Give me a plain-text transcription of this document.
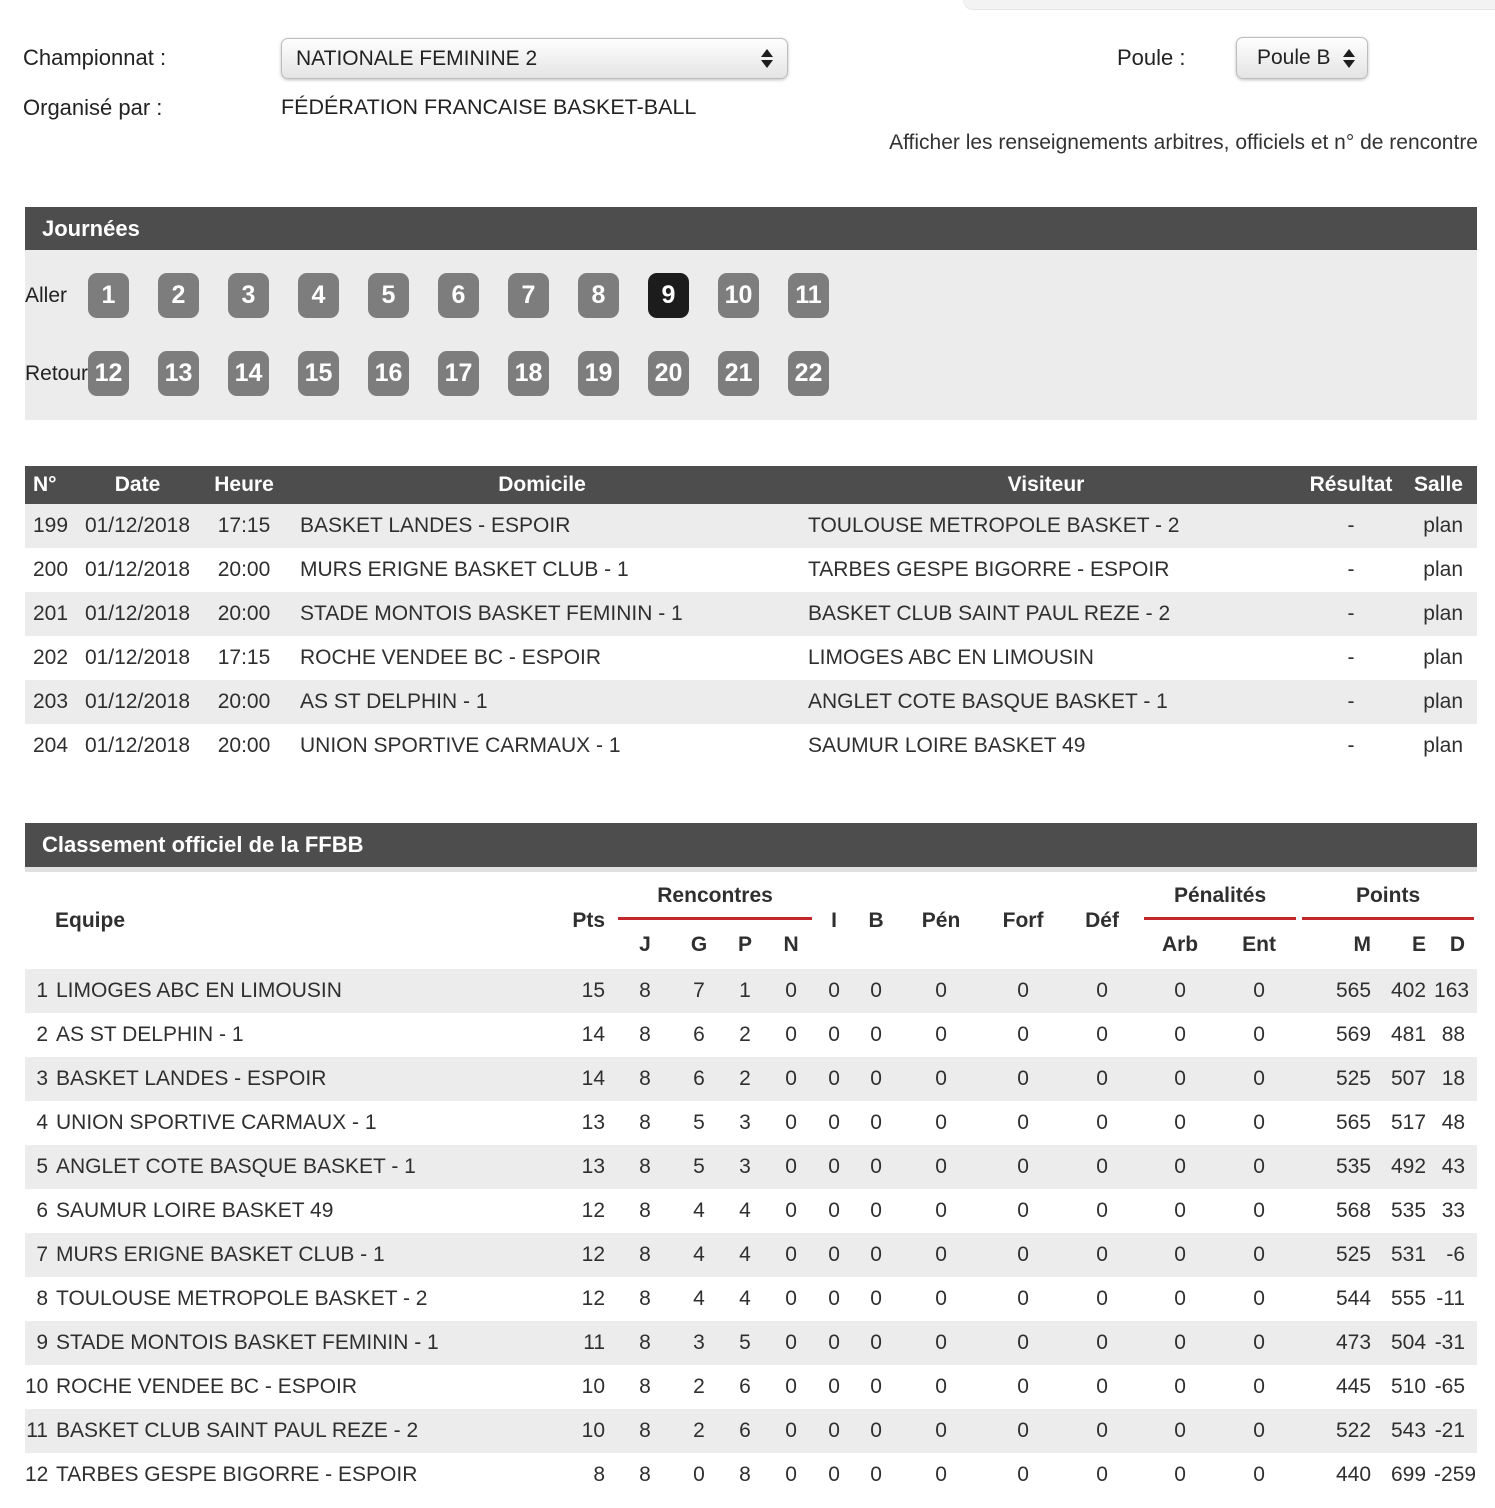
Championnat :	NATIONALE FEMININE 2	Poule :	Poule B
Organisé par :	FÉDÉRATION FRANCAISE BASKET-BALL
Afficher les renseignements arbitres, officiels et n° de rencontre
Journées
Aller	1	2	3	4	5	6	7	8	9	10 11
Retour 12 13 14 15 16 17 18 19 20 21 22
N°	Date	Heure	Domicile	Visiteur	Résultat	Salle
199	01/12/2018	17:15	BASKET LANDES - ESPOIR	TOULOUSE METROPOLE BASKET - 2	-	plan
200	01/12/2018	20:00	MURS ERIGNE BASKET CLUB - 1	TARBES GESPE BIGORRE - ESPOIR	-	plan
201	01/12/2018	20:00	STADE MONTOIS BASKET FEMININ - 1	BASKET CLUB SAINT PAUL REZE - 2	-	plan
202	01/12/2018	17:15	ROCHE VENDEE BC - ESPOIR	LIMOGES ABC EN LIMOUSIN	-	plan
203	01/12/2018	20:00	AS ST DELPHIN - 1	ANGLET COTE BASQUE BASKET - 1	-	plan
204	01/12/2018	20:00	UNION SPORTIVE CARMAUX - 1	SAUMUR LOIRE BASKET 49	-	plan
Classement officiel de la FFBB
Equipe		Pts	Rencontres				I	B	Pén	Forf	Déf	Pénalités		Points		

			J	G	P	N						Arb	Ent	M	E	D
1	LIMOGES ABC EN LIMOUSIN	15	8	7	1	0	0	0	0	0	0	0	0	565	402	163
2	AS ST DELPHIN - 1	14	8	6	2	0	0	0	0	0	0	0	0	569	481	88
3	BASKET LANDES - ESPOIR	14	8	6	2	0	0	0	0	0	0	0	0	525	507	18
4	UNION SPORTIVE CARMAUX - 1	13	8	5	3	0	0	0	0	0	0	0	0	565	517	48
5	ANGLET COTE BASQUE BASKET - 1	13	8	5	3	0	0	0	0	0	0	0	0	535	492	43
6	SAUMUR LOIRE BASKET 49	12	8	4	4	0	0	0	0	0	0	0	0	568	535	33
7	MURS ERIGNE BASKET CLUB - 1	12	8	4	4	0	0	0	0	0	0	0	0	525	531	-6
8	TOULOUSE METROPOLE BASKET - 2	12	8	4	4	0	0	0	0	0	0	0	0	544	555	-11
9	STADE MONTOIS BASKET FEMININ - 1	11	8	3	5	0	0	0	0	0	0	0	0	473	504	-31
10	ROCHE VENDEE BC - ESPOIR	10	8	2	6	0	0	0	0	0	0	0	0	445	510	-65
11	BASKET CLUB SAINT PAUL REZE - 2	10	8	2	6	0	0	0	0	0	0	0	0	522	543	-21
12	TARBES GESPE BIGORRE - ESPOIR	8	8	0	8	0	0	0	0	0	0	0	0	440	699	-259
